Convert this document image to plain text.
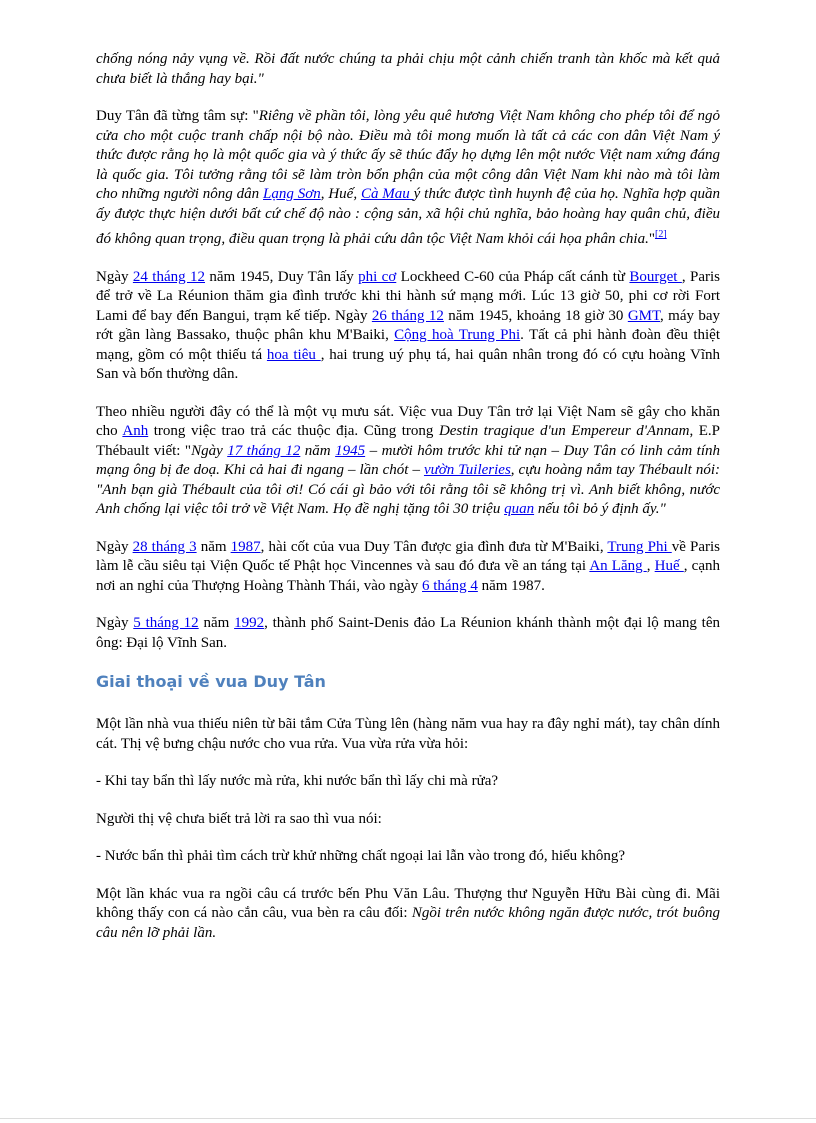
chống nóng nảy vụng về. Rồi đất nước chúng ta phải chịu một cảnh chiến tranh tàn khốc mà kết quả chưa biết là thắng hay bại."

Duy Tân đã từng tâm sự: "Riêng về phần tôi, lòng yêu quê hương Việt Nam không cho phép tôi để ngỏ cửa cho một cuộc tranh chấp nội bộ nào. Điều mà tôi mong muốn là tất cả các con dân Việt Nam ý thức được rằng họ là một quốc gia và ý thức ấy sẽ thúc đẩy họ dựng lên một nước Việt nam xứng đáng là quốc gia. Tôi tưởng rằng tôi sẽ làm tròn bổn phận của một công dân Việt Nam khi nào mà tôi làm cho những người nông dân Lạng Sơn, Huế, Cà Mau ý thức được tình huynh đệ của họ. Nghĩa hợp quần ấy được thực hiện dưới bất cứ chế độ nào : cộng sản, xã hội chủ nghĩa, bảo hoàng hay quân chủ, điều đó không quan trọng, điều quan trọng là phải cứu dân tộc Việt Nam khỏi cái họa phân chia."[2]

Ngày 24 tháng 12 năm 1945, Duy Tân lấy phi cơ Lockheed C-60 của Pháp cất cánh từ Bourget , Paris để trở về La Réunion thăm gia đình trước khi thi hành sứ mạng mới. Lúc 13 giờ 50, phi cơ rời Fort Lami để bay đến Bangui, trạm kế tiếp. Ngày 26 tháng 12 năm 1945, khoảng 18 giờ 30 GMT, máy bay rớt gần làng Bassako, thuộc phân khu M'Baiki, Cộng hoà Trung Phi. Tất cả phi hành đoàn đều thiệt mạng, gồm có một thiếu tá hoa tiêu , hai trung uý phụ tá, hai quân nhân trong đó có cựu hoàng Vĩnh San và bốn thường dân.

Theo nhiều người đây có thể là một vụ mưu sát. Việc vua Duy Tân trở lại Việt Nam sẽ gây cho khăn cho Anh trong việc trao trả các thuộc địa. Cũng trong Destin tragique d'un Empereur d'Annam, E.P Thébault viết: "Ngày 17 tháng 12 năm 1945 – mười hôm trước khi tử nạn – Duy Tân có linh cảm tính mạng ông bị đe doạ. Khi cả hai đi ngang – lần chót – vườn Tuileries, cựu hoàng nắm tay Thébault nói: "Anh bạn già Thébault của tôi ơi! Có cái gì bảo với tôi rằng tôi sẽ không trị vì. Anh biết không, nước Anh chống lại việc tôi trở về Việt Nam. Họ đề nghị tặng tôi 30 triệu quan nếu tôi bỏ ý định ấy."

Ngày 28 tháng 3 năm 1987, hài cốt của vua Duy Tân được gia đình đưa từ M'Baiki, Trung Phi về Paris làm lễ cầu siêu tại Viện Quốc tế Phật học Vincennes và sau đó đưa về an táng tại An Lăng , Huế , cạnh nơi an nghỉ của Thượng Hoàng Thành Thái, vào ngày 6 tháng 4 năm 1987.

Ngày 5 tháng 12 năm 1992, thành phố Saint-Denis đảo La Réunion khánh thành một đại lộ mang tên ông: Đại lộ Vĩnh San.

Giai thoại về vua Duy Tân

Một lần nhà vua thiếu niên từ bãi tắm Cửa Tùng lên (hàng năm vua hay ra đây nghỉ mát), tay chân dính cát. Thị vệ bưng chậu nước cho vua rửa. Vua vừa rửa vừa hỏi:

- Khi tay bẩn thì lấy nước mà rửa, khi nước bẩn thì lấy chi mà rửa?

Người thị vệ chưa biết trả lời ra sao thì vua nói:

- Nước bẩn thì phải tìm cách trừ khử những chất ngoại lai lẫn vào trong đó, hiểu không?

Một lần khác vua ra ngồi câu cá trước bến Phu Văn Lâu. Thượng thư Nguyễn Hữu Bài cùng đi. Mãi không thấy con cá nào cắn câu, vua bèn ra câu đối: Ngồi trên nước không ngăn được nước, trót buông câu nên lỡ phải lần.
